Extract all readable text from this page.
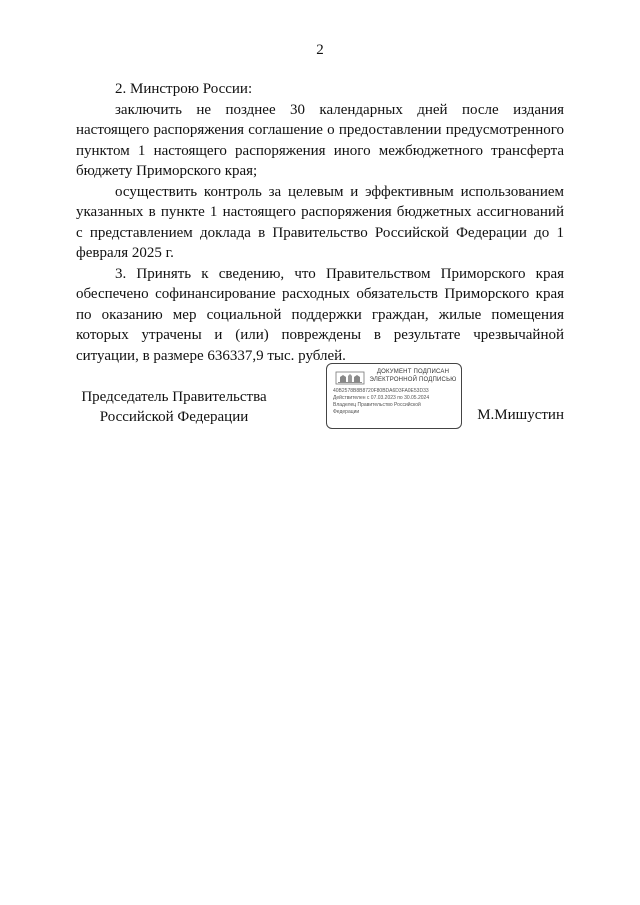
2

2. Минстрою России:

заключить не позднее 30 календарных дней после издания настоящего распоряжения соглашение о предоставлении предусмотренного пунктом 1 настоящего распоряжения иного межбюджетного трансферта бюджету Приморского края;

осуществить контроль за целевым и эффективным использованием указанных в пункте 1 настоящего распоряжения бюджетных ассигнований с представлением доклада в Правительство Российской Федерации до 1 февраля 2025 г.

3. Принять к сведению, что Правительством Приморского края обеспечено софинансирование расходных обязательств Приморского края по оказанию мер социальной поддержки граждан, жилые помещения которых утрачены и (или) повреждены в результате чрезвычайной ситуации, в размере 636337,9 тыс. рублей.

Председатель Правительства
Российской Федерации
ДОКУМЕНТ ПОДПИСАН
ЭЛЕКТРОННОЙ ПОДПИСЬЮ
40B2578B8B8720F80BDA6D3FA0E53D33
Действителен с 07.03.2023 по 30.05.2024
Владелец Правительство Российской
Федерации	М.Мишустин
